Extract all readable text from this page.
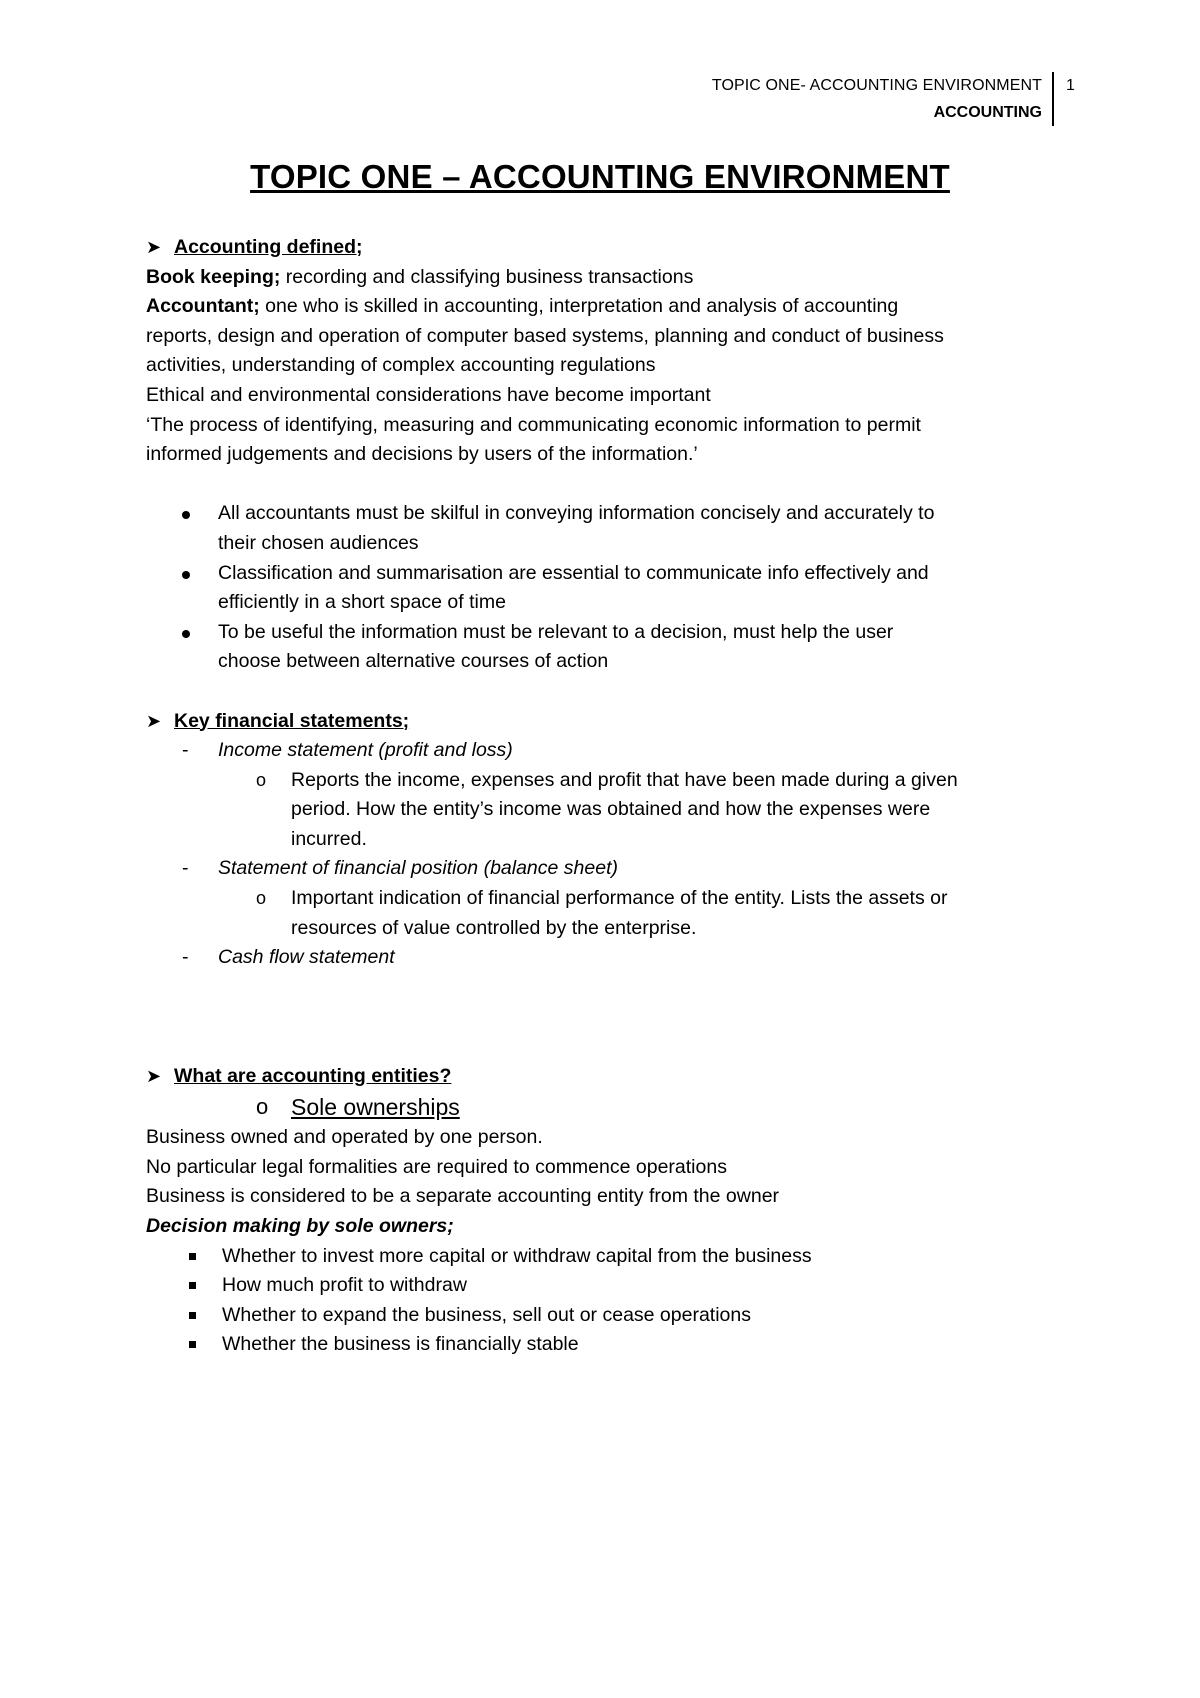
TOPIC ONE- ACCOUNTING ENVIRONMENT
ACCOUNTING
1
TOPIC ONE – ACCOUNTING ENVIRONMENT
➤ Accounting defined;

Book keeping; recording and classifying business transactions

Accountant; one who is skilled in accounting, interpretation and analysis of accounting

reports, design and operation of computer based systems, planning and conduct of business

activities, understanding of complex accounting regulations

Ethical and environmental considerations have become important

‘The process of identifying, measuring and communicating economic information to permit

informed judgements and decisions by users of the information.’

All accountants must be skilful in conveying information concisely and accurately to
their chosen audiences
Classification and summarisation are essential to communicate info effectively and
efficiently in a short space of time
To be useful the information must be relevant to a decision, must help the user
choose between alternative courses of action
➤ Key financial statements;
- Income statement (profit and loss)
o Reports the income, expenses and profit that have been made during a given
period. How the entity’s income was obtained and how the expenses were
incurred.
- Statement of financial position (balance sheet)
o Important indication of financial performance of the entity. Lists the assets or
resources of value controlled by the enterprise.
- Cash flow statement
➤ What are accounting entities?
o Sole ownerships

Business owned and operated by one person.

No particular legal formalities are required to commence operations

Business is considered to be a separate accounting entity from the owner

Decision making by sole owners;

Whether to invest more capital or withdraw capital from the business
How much profit to withdraw
Whether to expand the business, sell out or cease operations
Whether the business is financially stable
